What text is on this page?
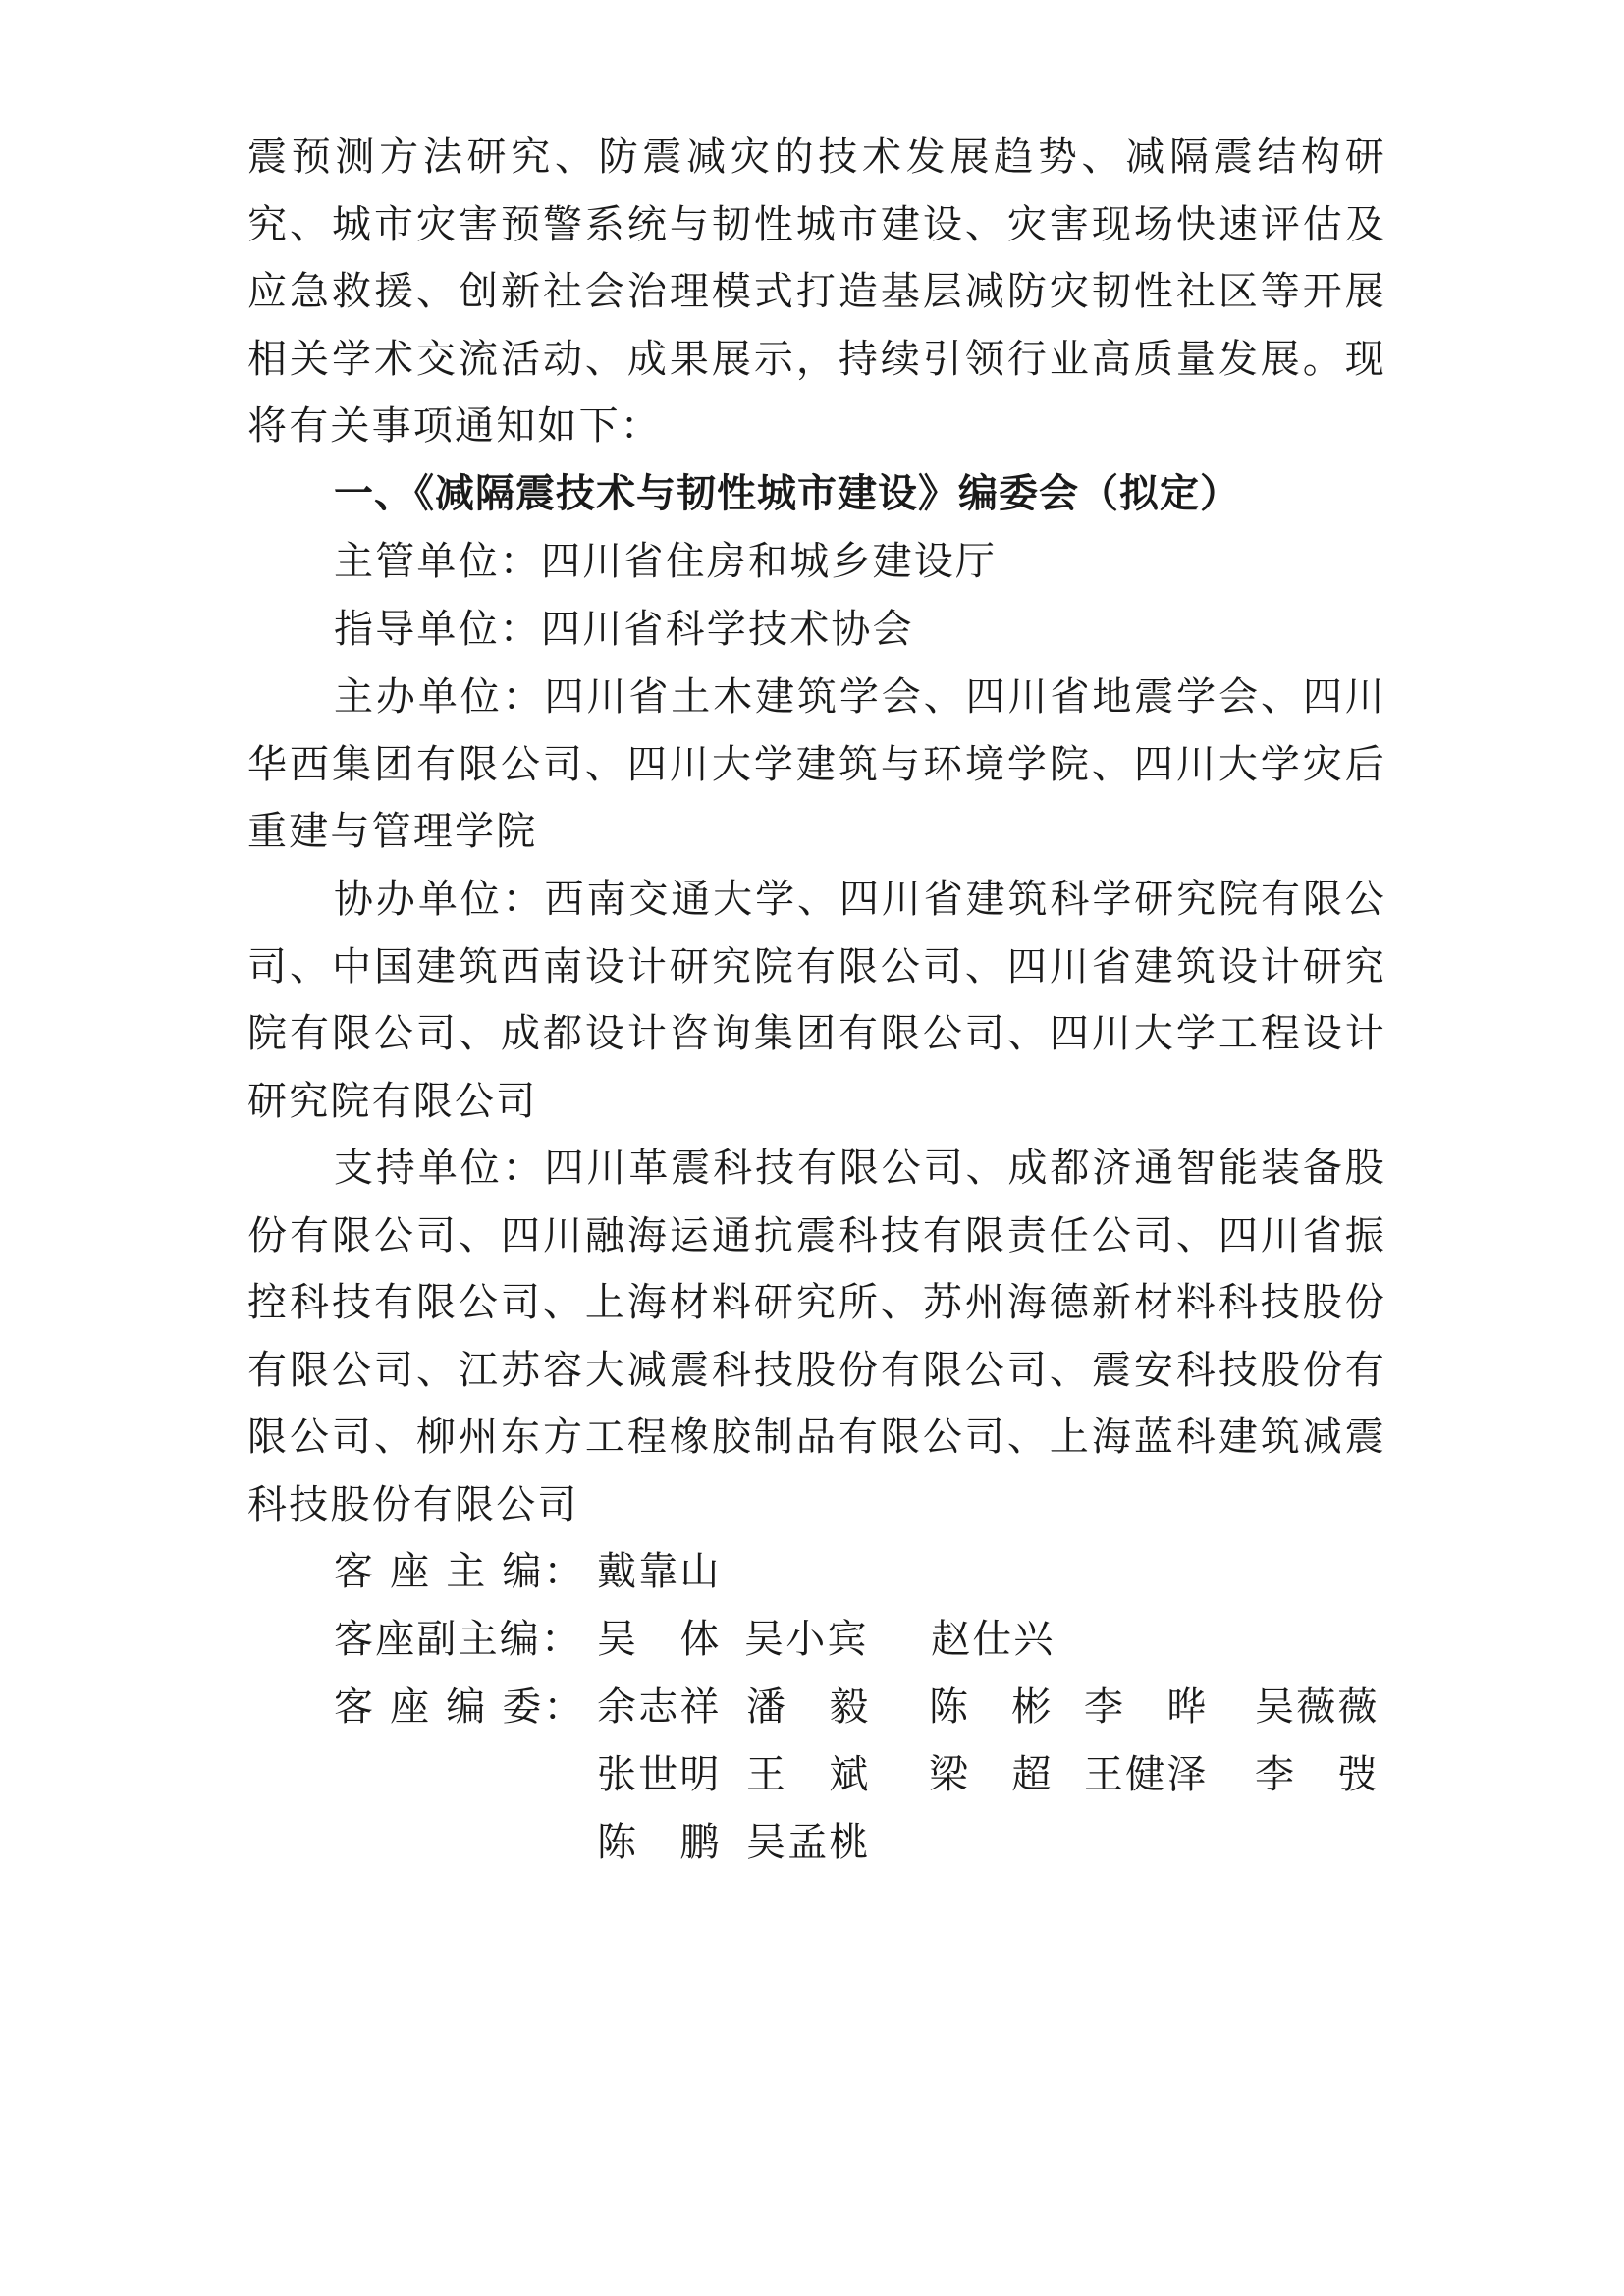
震预测方法研究、防震减灾的技术发展趋势、减隔震结构研究、城市灾害预警系统与韧性城市建设、灾害现场快速评估及应急救援、创新社会治理模式打造基层减防灾韧性社区等开展相关学术交流活动、成果展示，持续引领行业高质量发展。现将有关事项通知如下：
一、《减隔震技术与韧性城市建设》编委会（拟定）
主管单位：四川省住房和城乡建设厅
指导单位：四川省科学技术协会
主办单位：四川省土木建筑学会、四川省地震学会、四川华西集团有限公司、四川大学建筑与环境学院、四川大学灾后重建与管理学院
协办单位：西南交通大学、四川省建筑科学研究院有限公司、中国建筑西南设计研究院有限公司、四川省建筑设计研究院有限公司、成都设计咨询集团有限公司、四川大学工程设计研究院有限公司
支持单位：四川革震科技有限公司、成都济通智能装备股份有限公司、四川融海运通抗震科技有限责任公司、四川省振控科技有限公司、上海材料研究所、苏州海德新材料科技股份有限公司、江苏容大减震科技股份有限公司、震安科技股份有限公司、柳州东方工程橡胶制品有限公司、上海蓝科建筑减震科技股份有限公司
客 座 主 编： 戴靠山
客座副主编： 吴　体 吴小宾 赵仕兴
客 座 编 委： 余志祥 潘　毅 陈　彬 李　晔 吴薇薇
张世明 王　斌 梁　超 王健泽 李　弢
陈　鹏 吴孟桃
